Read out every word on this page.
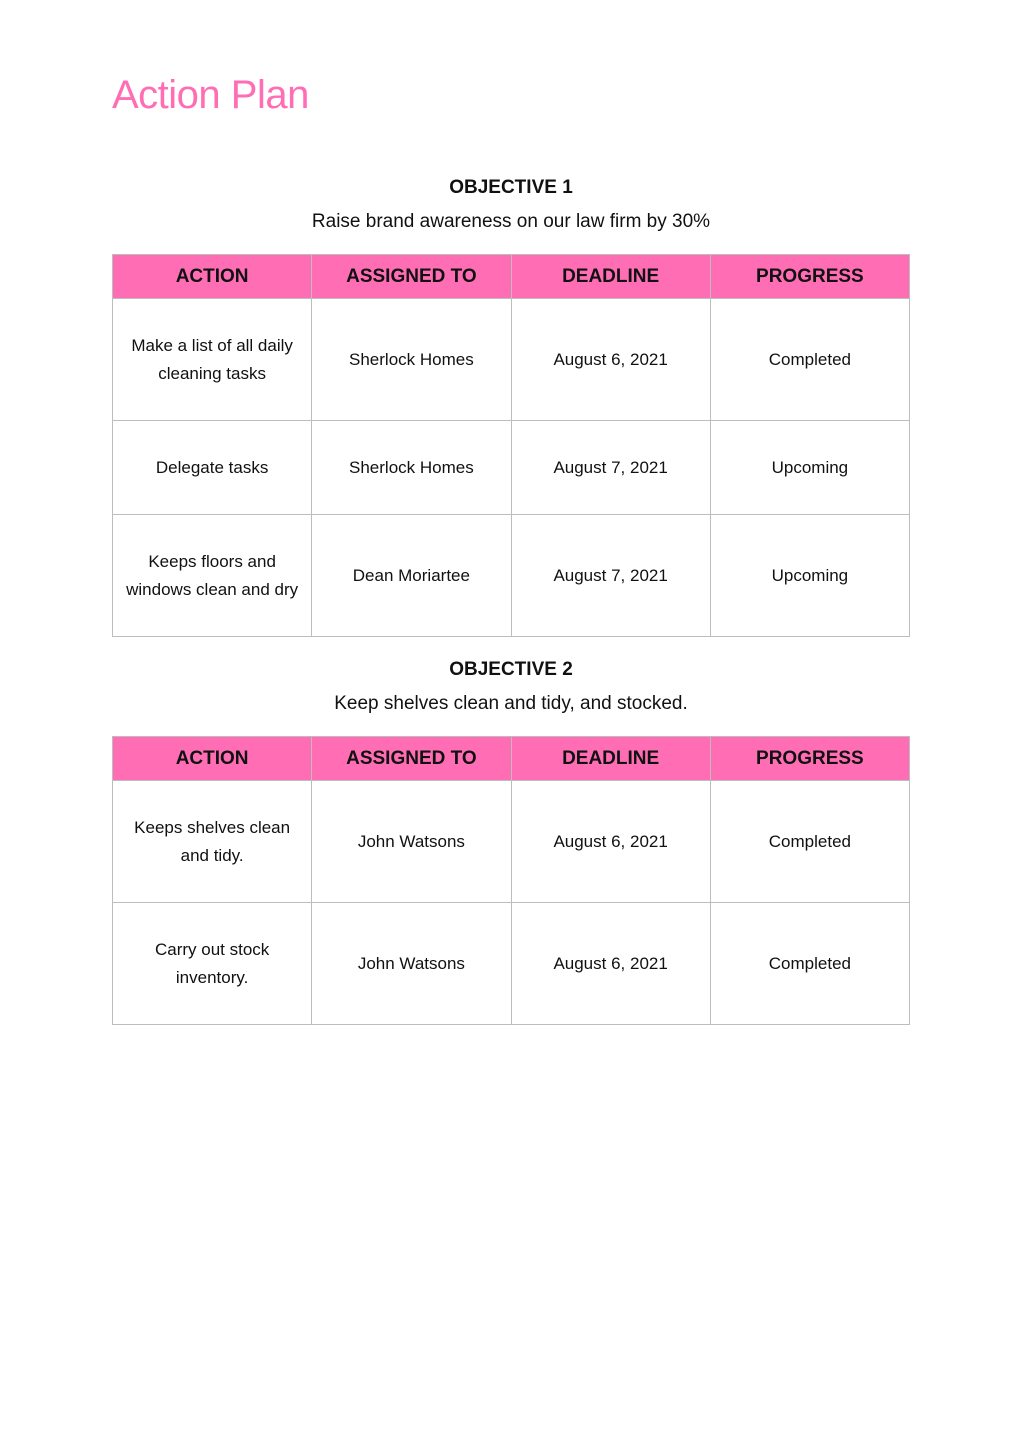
Action Plan
OBJECTIVE 1
Raise brand awareness on our law firm by 30%
ACTION	ASSIGNED TO	DEADLINE	PROGRESS
Make a list of all daily cleaning tasks	Sherlock Homes	August 6, 2021	Completed
Delegate tasks	Sherlock Homes	August 7, 2021	Upcoming
Keeps floors and windows clean and dry	Dean Moriartee	August 7, 2021	Upcoming
OBJECTIVE 2
Keep shelves clean and tidy, and stocked.
ACTION	ASSIGNED TO	DEADLINE	PROGRESS
Keeps shelves clean and tidy.	John Watsons	August 6, 2021	Completed
Carry out stock inventory.	John Watsons	August 6, 2021	Completed
